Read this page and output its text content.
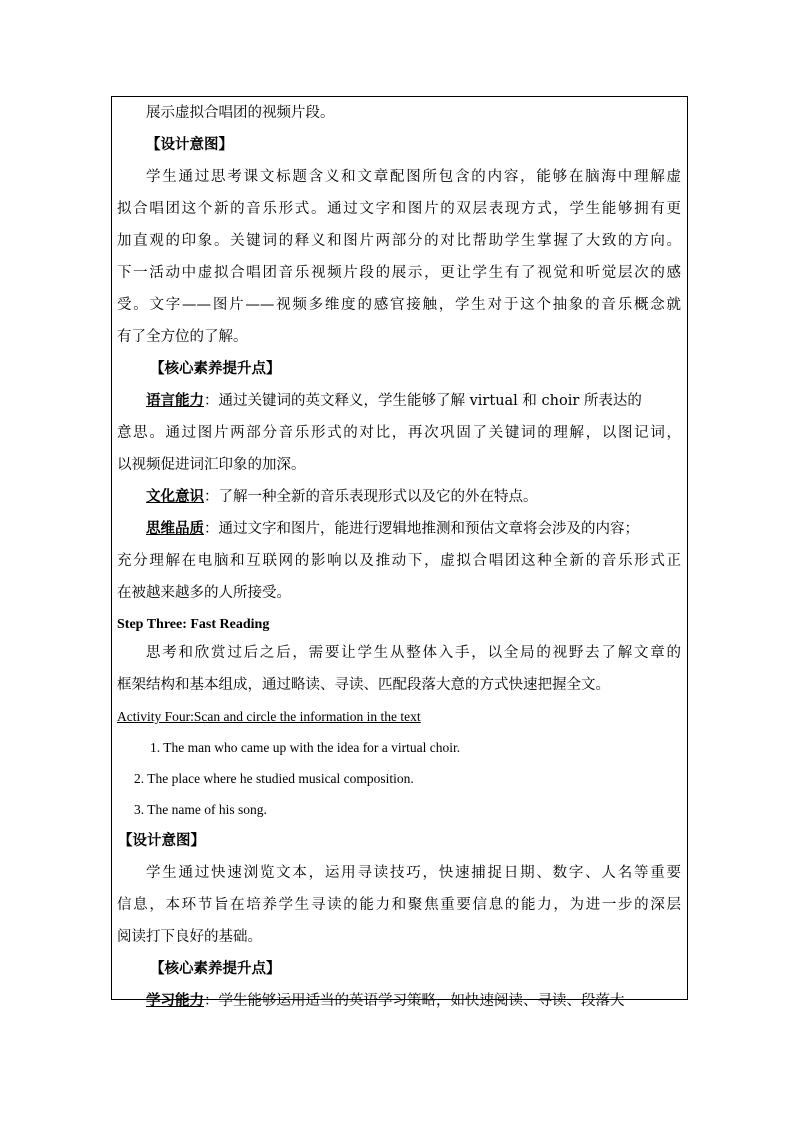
展示虚拟合唱团的视频片段。
【设计意图】
学生通过思考课文标题含义和文章配图所包含的内容，能够在脑海中理解虚
拟合唱团这个新的音乐形式。通过文字和图片的双层表现方式，学生能够拥有更
加直观的印象。关键词的释义和图片两部分的对比帮助学生掌握了大致的方向。
下一活动中虚拟合唱团音乐视频片段的展示，更让学生有了视觉和听觉层次的感
受。文字——图片——视频多维度的感官接触，学生对于这个抽象的音乐概念就
有了全方位的了解。
【核心素养提升点】
语言能力：通过关键词的英文释义，学生能够了解 virtual 和 choir 所表达的
意思。通过图片两部分音乐形式的对比，再次巩固了关键词的理解，以图记词，
以视频促进词汇印象的加深。
文化意识：了解一种全新的音乐表现形式以及它的外在特点。
思维品质：通过文字和图片，能进行逻辑地推测和预估文章将会涉及的内容；
充分理解在电脑和互联网的影响以及推动下，虚拟合唱团这种全新的音乐形式正
在被越来越多的人所接受。
Step Three: Fast Reading
思考和欣赏过后之后，需要让学生从整体入手，以全局的视野去了解文章的
框架结构和基本组成，通过略读、寻读、匹配段落大意的方式快速把握全文。
Activity Four:Scan and circle the information in the text
1. The man who came up with the idea for a virtual choir.
2. The place where he studied musical composition.
3. The name of his song.
【设计意图】
学生通过快速浏览文本，运用寻读技巧，快速捕捉日期、数字、人名等重要
信息，本环节旨在培养学生寻读的能力和聚焦重要信息的能力，为进一步的深层
阅读打下良好的基础。
【核心素养提升点】
学习能力：学生能够运用适当的英语学习策略，如快速阅读、寻读、段落大
